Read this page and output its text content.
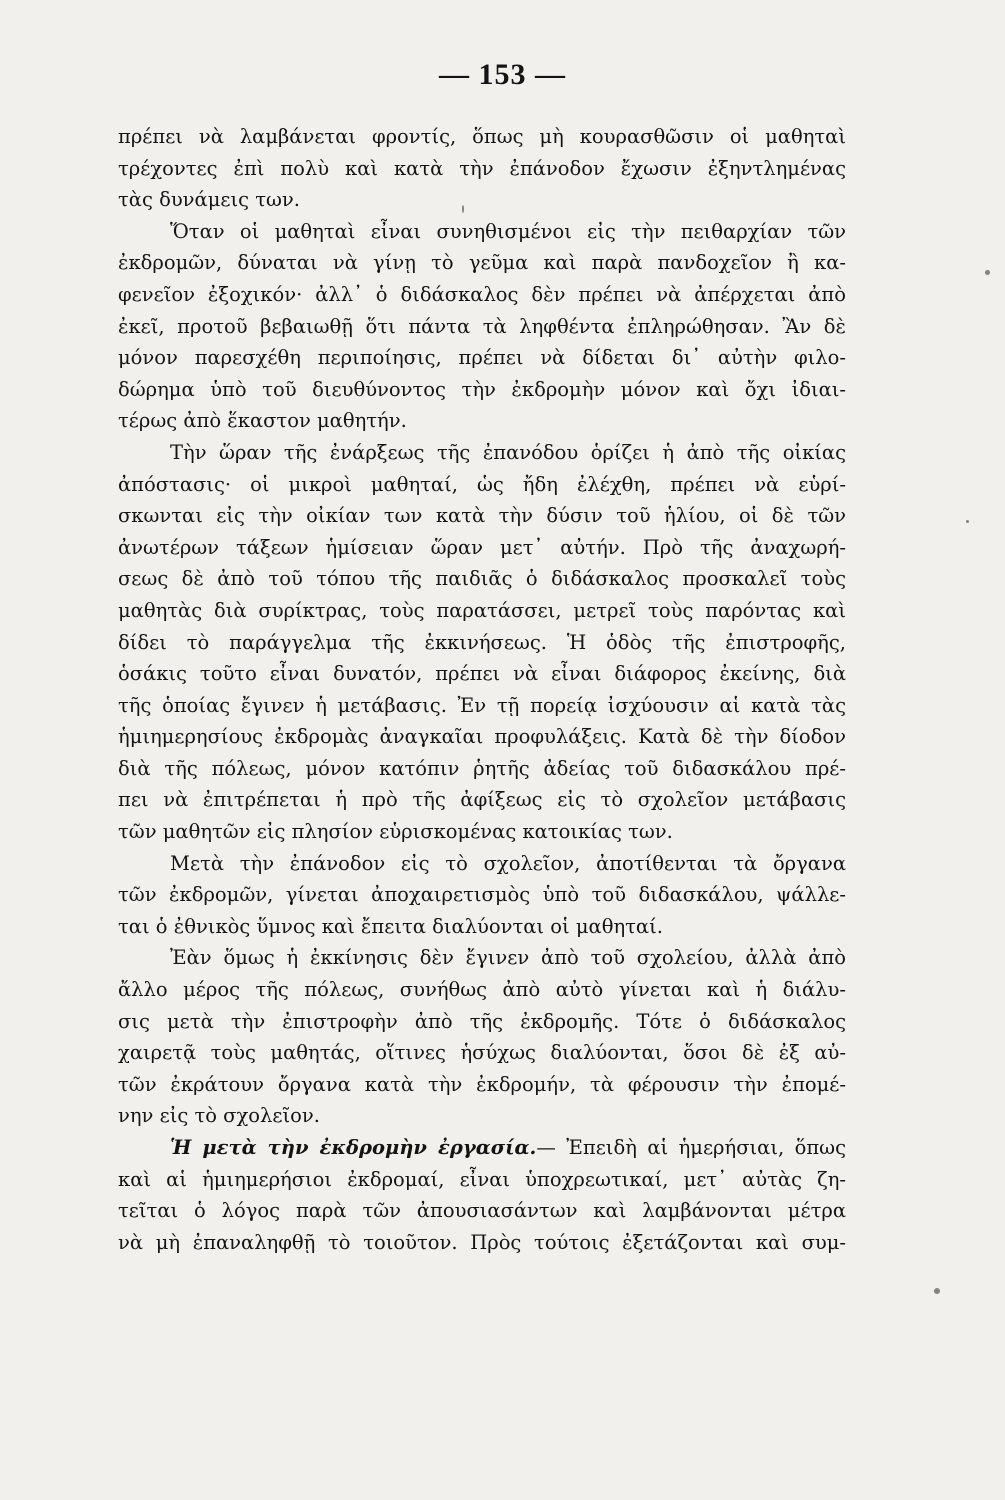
— 153 —
πρέπει νὰ λαμβάνεται φροντίς, ὅπως μὴ κουρασθῶσιν οἱ μαθηταὶ
τρέχοντες ἐπὶ πολὺ καὶ κατὰ τὴν ἐπάνοδον ἔχωσιν ἐξηντλημένας
τὰς δυνάμεις των.
Ὅταν οἱ μαθηταὶ εἶναι συνηθισμένοι εἰς τὴν πειθαρχίαν τῶν
ἐκδρομῶν, δύναται νὰ γίνῃ τὸ γεῦμα καὶ παρὰ πανδοχεῖον ἢ κα-
φενεῖον ἐξοχικόν· ἀλλ᾽ ὁ διδάσκαλος δὲν πρέπει νὰ ἀπέρχεται ἀπὸ
ἐκεῖ, προτοῦ βεβαιωθῇ ὅτι πάντα τὰ ληφθέντα ἐπληρώθησαν. Ἂν δὲ
μόνον παρεσχέθη περιποίησις, πρέπει νὰ δίδεται δι᾽ αὐτὴν φιλο-
δώρημα ὑπὸ τοῦ διευθύνοντος τὴν ἐκδρομὴν μόνον καὶ ὄχι ἰδιαι-
τέρως ἀπὸ ἕκαστον μαθητήν.
Τὴν ὥραν τῆς ἐνάρξεως τῆς ἐπανόδου ὁρίζει ἡ ἀπὸ τῆς οἰκίας
ἀπόστασις· οἱ μικροὶ μαθηταί, ὡς ἤδη ἐλέχθη, πρέπει νὰ εὑρί-
σκωνται εἰς τὴν οἰκίαν των κατὰ τὴν δύσιν τοῦ ἡλίου, οἱ δὲ τῶν
ἀνωτέρων τάξεων ἡμίσειαν ὥραν μετ᾽ αὐτήν. Πρὸ τῆς ἀναχωρή-
σεως δὲ ἀπὸ τοῦ τόπου τῆς παιδιᾶς ὁ διδάσκαλος προσκαλεῖ τοὺς
μαθητὰς διὰ συρίκτρας, τοὺς παρατάσσει, μετρεῖ τοὺς παρόντας καὶ
δίδει τὸ παράγγελμα τῆς ἐκκινήσεως. Ἡ ὁδὸς τῆς ἐπιστροφῆς,
ὁσάκις τοῦτο εἶναι δυνατόν, πρέπει νὰ εἶναι διάφορος ἐκείνης, διὰ
τῆς ὁποίας ἔγινεν ἡ μετάβασις. Ἐν τῇ πορείᾳ ἰσχύουσιν αἱ κατὰ τὰς
ἡμιημερησίους ἐκδρομὰς ἀναγκαῖαι προφυλάξεις. Κατὰ δὲ τὴν δίοδον
διὰ τῆς πόλεως, μόνον κατόπιν ῥητῆς ἀδείας τοῦ διδασκάλου πρέ-
πει νὰ ἐπιτρέπεται ἡ πρὸ τῆς ἀφίξεως εἰς τὸ σχολεῖον μετάβασις
τῶν μαθητῶν εἰς πλησίον εὑρισκομένας κατοικίας των.
Μετὰ τὴν ἐπάνοδον εἰς τὸ σχολεῖον, ἀποτίθενται τὰ ὄργανα
τῶν ἐκδρομῶν, γίνεται ἀποχαιρετισμὸς ὑπὸ τοῦ διδασκάλου, ψάλλε-
ται ὁ ἐθνικὸς ὕμνος καὶ ἔπειτα διαλύονται οἱ μαθηταί.
Ἐὰν ὅμως ἡ ἐκκίνησις δὲν ἔγινεν ἀπὸ τοῦ σχολείου, ἀλλὰ ἀπὸ
ἄλλο μέρος τῆς πόλεως, συνήθως ἀπὸ αὐτὸ γίνεται καὶ ἡ διάλυ-
σις μετὰ τὴν ἐπιστροφὴν ἀπὸ τῆς ἐκδρομῆς. Τότε ὁ διδάσκαλος
χαιρετᾷ τοὺς μαθητάς, οἵτινες ἡσύχως διαλύονται, ὅσοι δὲ ἐξ αὐ-
τῶν ἐκράτουν ὄργανα κατὰ τὴν ἐκδρομήν, τὰ φέρουσιν τὴν ἐπομέ-
νην εἰς τὸ σχολεῖον.
Ἡ μετὰ τὴν ἐκδρομὴν ἐργασία.— Ἐπειδὴ αἱ ἡμερήσιαι, ὅπως
καὶ αἱ ἡμιημερήσιοι ἐκδρομαί, εἶναι ὑποχρεωτικαί, μετ᾽ αὐτὰς ζη-
τεῖται ὁ λόγος παρὰ τῶν ἀπουσιασάντων καὶ λαμβάνονται μέτρα
νὰ μὴ ἐπαναληφθῇ τὸ τοιοῦτον. Πρὸς τούτοις ἐξετάζονται καὶ συμ-
